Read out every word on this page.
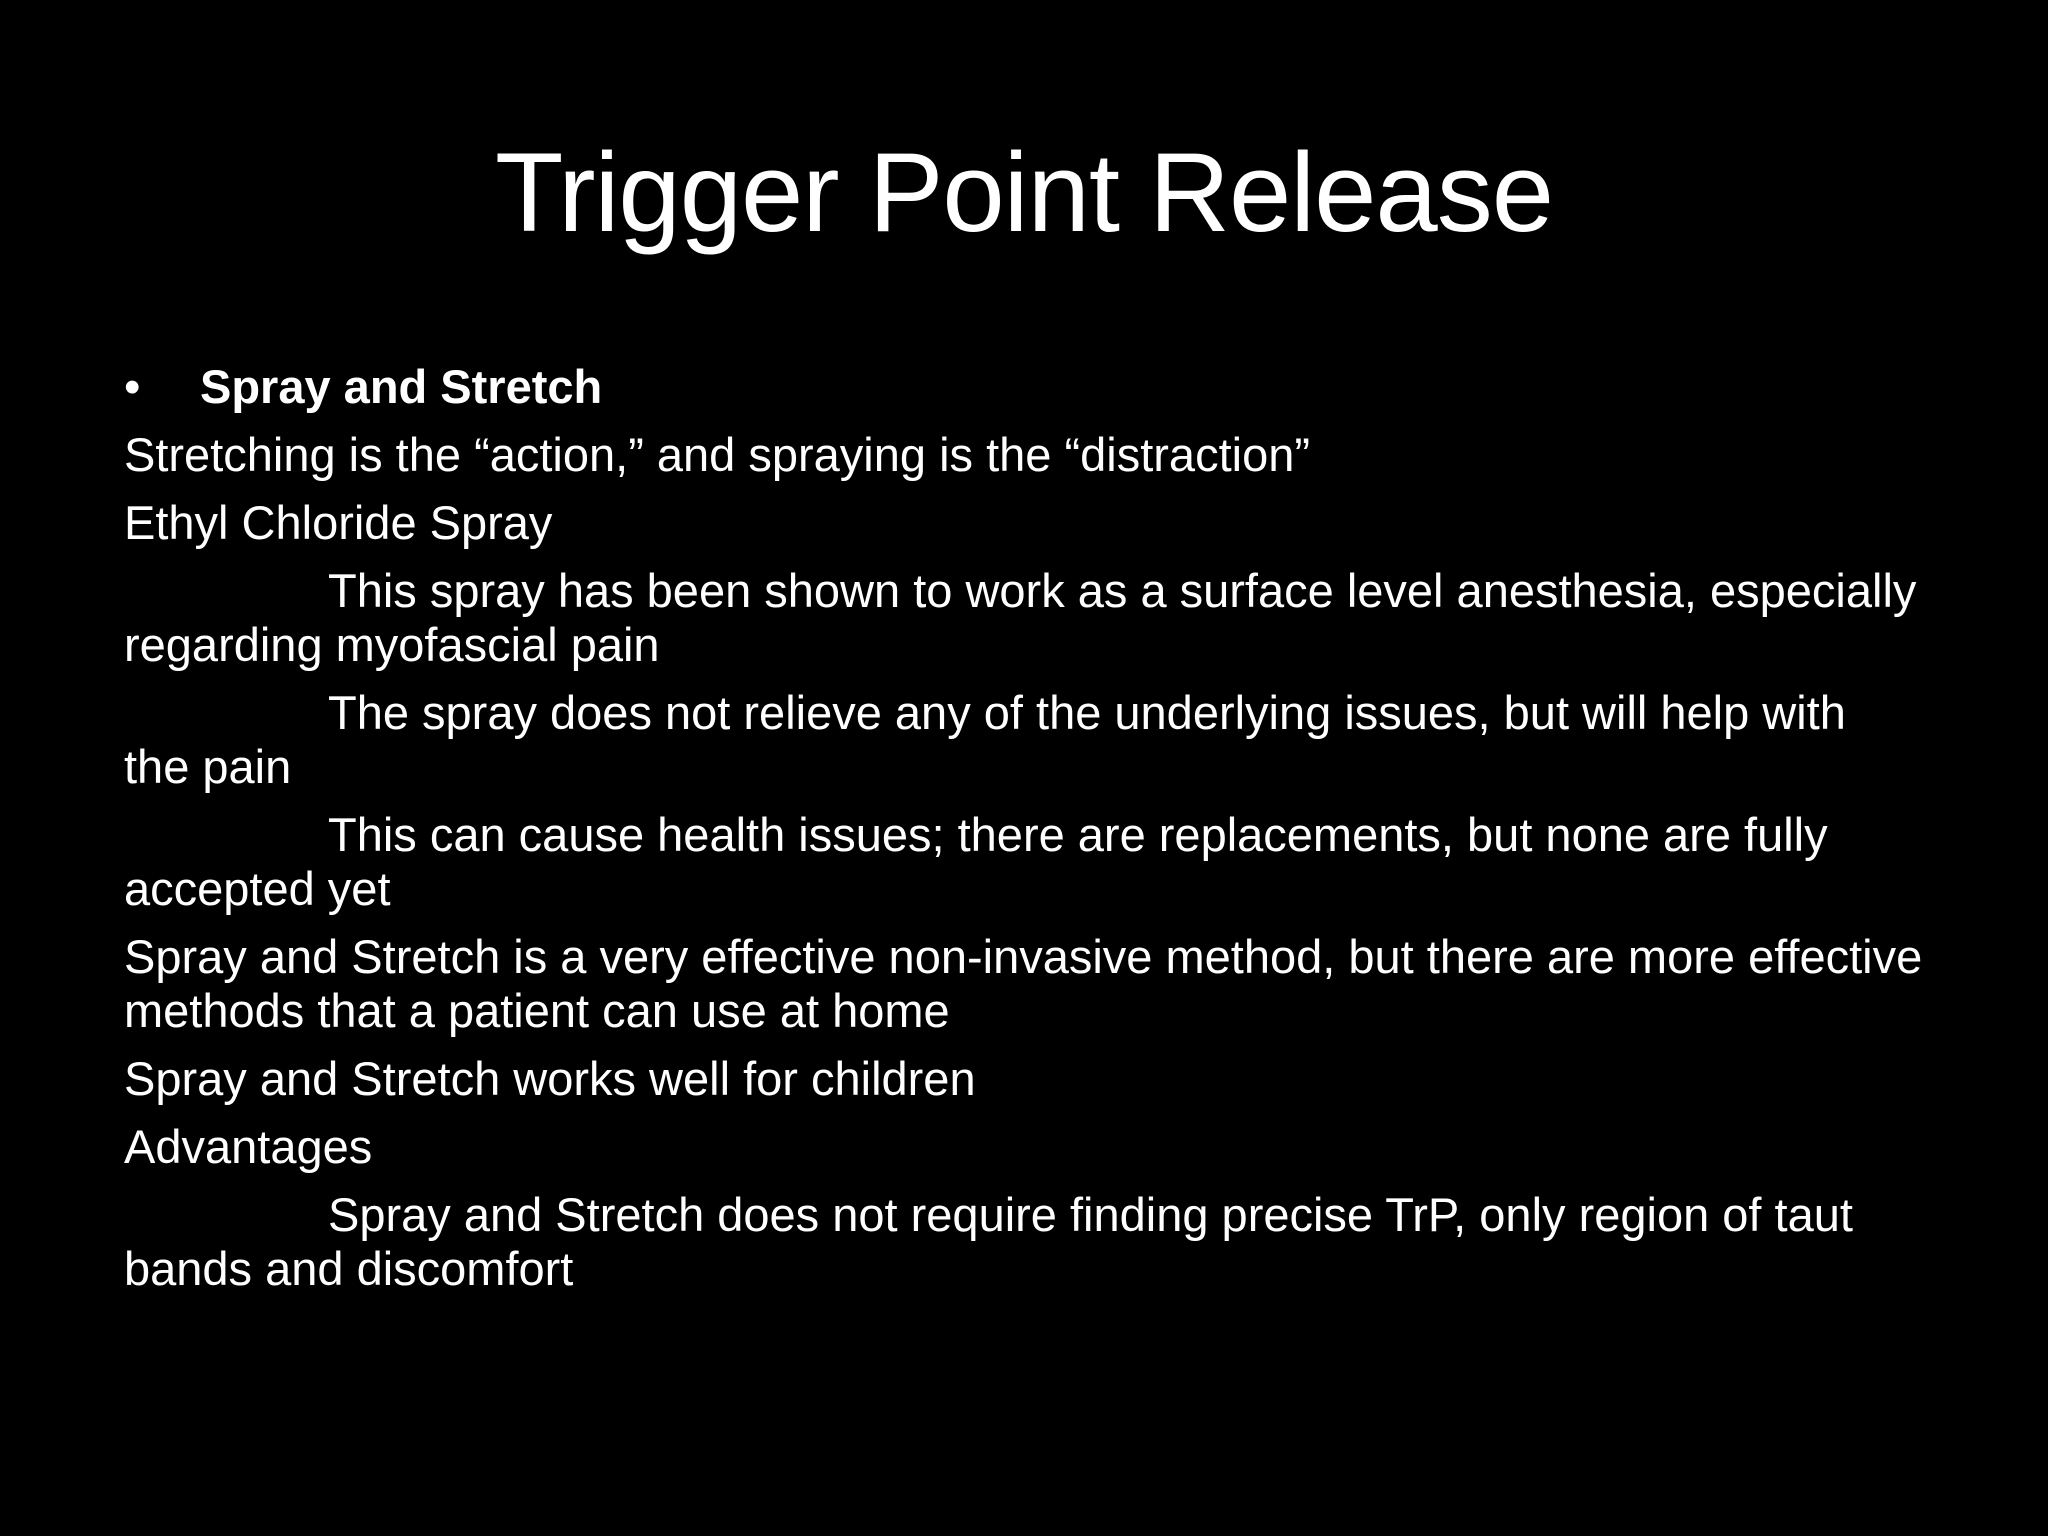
Trigger Point Release
• Spray and Stretch
Stretching is the “action,” and spraying is the “distraction”
Ethyl Chloride Spray
This spray has been shown to work as a surface level anesthesia, especially regarding myofascial pain
The spray does not relieve any of the underlying issues, but will help with the pain
This can cause health issues; there are replacements, but none are fully accepted yet
Spray and Stretch is a very effective non-invasive method, but there are more effective methods that a patient can use at home
Spray and Stretch works well for children
Advantages
Spray and Stretch does not require finding precise TrP, only region of taut bands and discomfort
